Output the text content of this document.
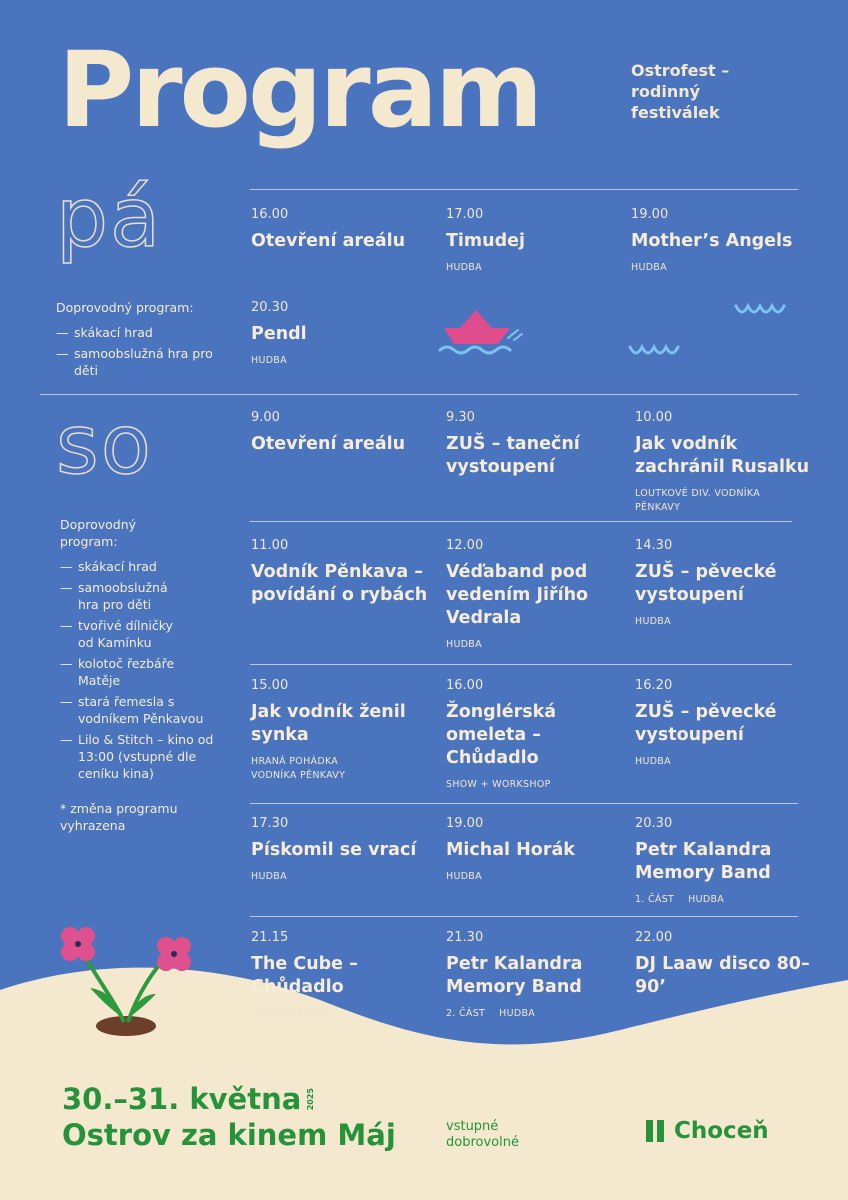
Program	Ostrofest – rodinný festiválek
pá
Doprovodný program:
— skákací hrad
— samoobslužná hra pro děti
16.00
Otevření areálu
17.00
Timudej
HUDBA
19.00
Mother’s Angels
HUDBA
20.30
Pendl
HUDBA
so
Doprovodný program:
— skákací hrad
— samoobslužná hra pro děti
— tvořivé dílničky od Kamínku
— kolotoč řezbáře Matěje
— stará řemesla s vodníkem Pěnkavou
— Lilo & Stitch – kino od 13:00 (vstupné dle ceníku kina)
* změna programu vyhrazena
9.00
Otevření areálu
9.30
ZUŠ – taneční vystoupení
10.00
Jak vodník zachránil Rusalku
LOUTKOVÉ DIV. VODNÍKA PĚNKAVY
11.00
Vodník Pěnkava – povídání o rybách
12.00
Véďaband pod vedením Jiřího Vedrala
HUDBA
14.30
ZUŠ – pěvecké vystoupení
HUDBA
15.00
Jak vodník ženil synka
HRANÁ POHÁDKA VODNÍKA PĚNKAVY
16.00
Žonglérská omeleta – Chůdadlo
SHOW + WORKSHOP
16.20
ZUŠ – pěvecké vystoupení
HUDBA
17.30
Pískomil se vrací
HUDBA
19.00
Michal Horák
HUDBA
20.30
Petr Kalandra Memory Band
1. ČÁST HUDBA
21.15
The Cube – Chůdadlo
OHŇOVÁ SHOW
21.30
Petr Kalandra Memory Band
2. ČÁST HUDBA
22.00
DJ Laaw disco 80–90’
30.–31. května 2025
Ostrov za kinem Máj	vstupné dobrovolné	Choceň
